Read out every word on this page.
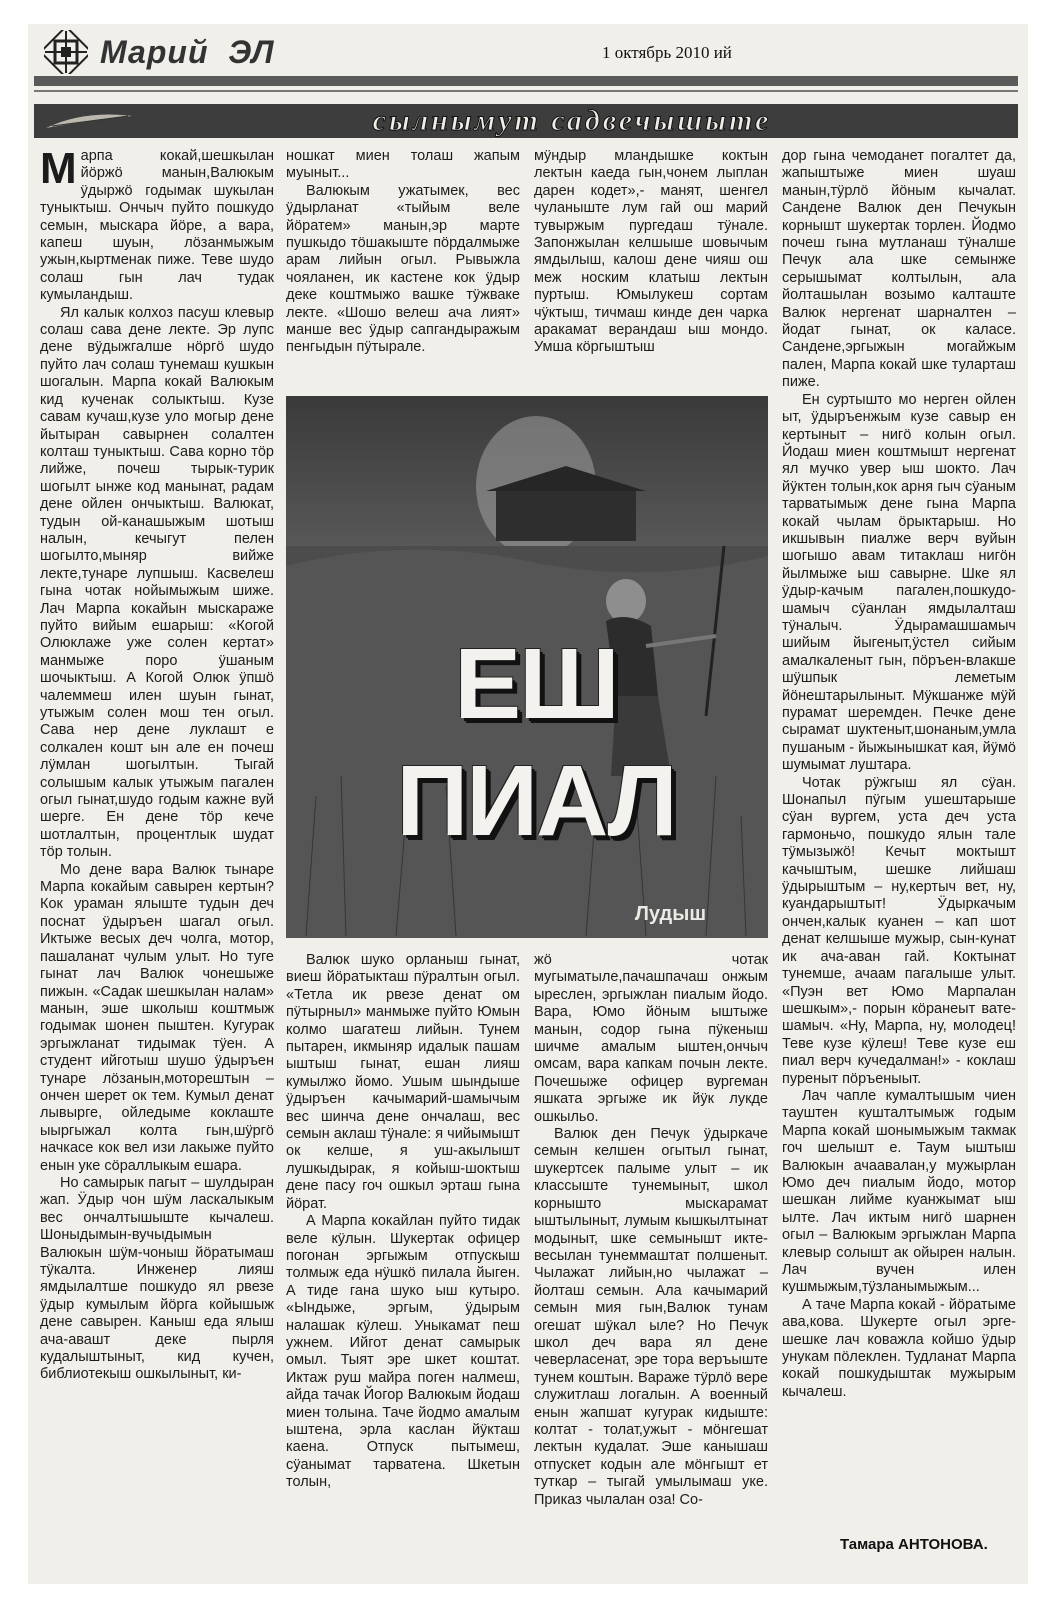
Марий  ЭЛ	1 октябрь 2010 ий
сылнымут садвечышыте

Марпа кокай,шешкылан йӧржӧ манын,Валюкым ӱдыржӧ годымак шукылан туныктыш. Ончыч пуйто пошкудо семын, мыскара йӧре, а вара, капеш шуын, лӧзанмыжым ужын,кыртменак пиже. Теве шудо солаш гын лач тудак кумыландыш.

Ял калык колхоз пасуш клевыр солаш сава дене лекте. Эр лупс дене вӱдыжгалше нӧргӧ шудо пуйто лач солаш тунемаш кушкын шогалын. Марпа кокай Валюкым кид кученак солыктыш. Кузе савам кучаш,кузе уло могыр дене йытыран савырнен солалтен колташ туныктыш. Сава корно тӧр лийже, почеш тырык-турик шогылт ынже код манынат, радам дене ойлен ончыктыш. Валюкат, тудын ой-канашыжым шотыш налын, кечыгут пелен шогылто,мыняр вийже лекте,тунаре лупшыш. Касвелеш гына чотак нойымыжым шиже. Лач Марпа кокайын мыскараже пуйто вийым ешарыш: «Когой Олюклаже уже солен кертат» манмыже поро ӱшаным шочыктыш. А Когой Олюк ӱпшӧ чалеммеш илен шуын гынат, утыжым солен мош тен огыл. Сава нер дене луклашт е солкален кошт ын але ен почеш лӱмлан шогылтын. Тыгай солышым калык утыжым пагален огыл гынат,шудо годым кажне вуй шерге. Ен дене тӧр кече шотлалтын, процентлык шудат тӧр толын.

Мо дене вара Валюк тынаре Марпа кокайым савырен кертын? Кок ураман ялыште тудын деч поснат ӱдыръен шагал огыл. Иктыже весых деч чолга, мотор, пашаланат чулым улыт. Но туге гынат лач Валюк чонешыже пижын. «Садак шешкылан налам» манын, эше школыш коштмыж годымак шонен пыштен. Кугурак эргыжланат тидымак тӱен. А студент ийготыш шушо ӱдыръен тунаре лӧзанын,моторештын – ончен шерет ок тем. Кумыл денат лывырге, ойледыме коклаште ыыргыжал колта гын,шӱргӧ начкасе кок вел изи лакыже пуйто енын уке сӧраллыкым ешара.

Но самырык пагыт – шулдыран жап. Ӱдыр чон шӱм ласкалыкым вес ончалтышыште кычалеш. Шоныдымын-вучыдымын Валюкын шӱм-чоныш йӧратымаш тӱкалта. Инженер лияш ямдылалтше пошкудо ял рвезе ӱдыр кумылым йӧрга койышыж дене савырен. Каныш еда ялыш ача-авашт деке пырля кудалыштыныт, кид кучен, библиотекыш ошкылыныт, ки-

ношкат миен толаш жапым муыныт...

Валюкым ужатымек, вес ӱдырланат «тыйым веле йӧратем» манын,эр марте пушкыдо тӧшакыште пӧрдалмыже арам лийын огыл. Рывыжла чояланен, ик кастене кок ӱдыр деке коштмыжо вашке тӱжваке лекте. «Шошо велеш ача лият» манше вес ӱдыр сапгандыражым пенгыдын пӱтырале.

мӱндыр мландышке коктын лектын каеда гын,чонем лыплан дарен кодет»,- манят, шенгел чуланыште лум гай ош марий тувыржым пургедаш тӱнале. Запонжылан келшыше шовычым ямдылыш, калош дене чияш ош меж носким клатыш лектын пуртыш. Юмылукеш сортам чӱктыш, тичмаш кинде ден чарка аракамат верандаш ыш мондо. Умша кӧргыштыш

ЕШ
ПИАЛ
Лудыш

Валюк шуко орланыш гынат, виеш йӧратыкташ пӱралтын огыл. «Тетла ик рвезе денат ом пӱтырныл» манмыже пуйто Юмын колмо шагатеш лийын. Тунем пытарен, икмыняр идалык пашам ыштыш гынат, ешан лияш кумылжо йомо. Ушым шындыше ӱдыръен качымарий-шамычым вес шинча дене ончалаш, вес семын аклаш тӱнале: я чийымышт ок келше, я уш-акылышт лушкыдырак, я койыш-шоктыш дене пасу гоч ошкыл эрташ гына йӧрат.

А Марпа кокайлан пуйто тидак веле кӱлын. Шукертак офицер погонан эргыжым отпускыш толмыж еда нӱшкӧ пилала йыген. А тиде гана шуко ыш кутыро. «Ындыже, эргым, ӱдырым налашак кӱлеш. Уныкамат пеш ужнем. Ийгот денат самырык омыл. Тыят эре шкет коштат. Иктаж руш майра поген налмеш, айда тачак Йогор Валюкым йодаш миен толына. Таче йодмо амалым ыштена, эрла каслан йӱкташ каена. Отпуск пытымеш, сӱанымат тарватена. Шкетын толын,

жӧ чотак мугыматыле,пачашпачаш онжым ыреслен, эргыжлан пиалым йодо. Вара, Юмо йӧным ыштыже манын, содор гына пӱкеныш шичме амалым ыштен,ончыч омсам, вара капкам почын лекте. Почешыже офицер вургеман яшката эргыже ик йӱк лукде ошкыльо.

Валюк ден Печук ӱдыркаче семын келшен огытыл гынат, шукертсек палыме улыт – ик классыште тунемыныт, школ корнышто мыскарамат ыштылыныт, лумым кышкылтынат модыныт, шке семынышт икте-весылан тунеммаштат полшеныт. Чылажат лийын,но чылажат – йолташ семын. Ала качымарий семын мия гын,Валюк тунам огешат шӱкал ыле? Но Печук школ деч вара ял дене чеверласенат, эре тора веръыште тунем коштын. Вараже тӱрлӧ вере служитлаш логалын. А военный енын жапшат кугурак кидыште: колтат - толат,ужыт - мӧнгешат лектын кудалат. Эше канышаш отпускет кодын але мӧнгышт ет туткар – тыгай умылымаш уке. Приказ чылалан оза! Со-

дор гына чемоданет погалтет да, жапыштыже миен шуаш манын,тӱрлӧ йӧным кычалат. Сандене Валюк ден Печукын корнышт шукертак торлен. Йодмо почеш гына мутланаш тӱналше Печук ала шке семынже серышымат колтылын, ала йолташылан возымо калташте Валюк нергенат шарналтен – йодат гынат, ок каласе. Сандене,эргыжын могайжым пален, Марпа кокай шке туларташ пиже.

Ен суртышто мо нерген ойлен ыт, ӱдыръенжым кузе савыр ен кертыныт – нигӧ колын огыл. Йодаш миен коштмышт нергенат ял мучко увер ыш шокто. Лач йӱктен толын,кок арня гыч сӱаным тарватымыж дене гына Марпа кокай чылам ӧрыктарыш. Но икшывын пиалже верч вуйын шогышо авам титаклаш нигӧн йылмыже ыш савырне. Шке ял ӱдыр-качым пагален,пошкудо-шамыч сӱанлан ямдылалташ тӱналыч. Ӱдырамашшамыч шийым йыгеныт,ӱстел сийым амалкаленыт гын, пӧръен-влакше шӱшпык леметым йӧнештарылыныт. Мӱкшанже мӱй пурамат шеремден. Печке дене сырамат шуктеныт,шонаным,умла пушаным - йыжынышкат кая, йӱмӧ шумымат луштара.

Чотак рӱжгыш ял сӱан. Шонапыл пӱгым ушештарыше сӱан вургем, уста деч уста гармоньчо, пошкудо ялын тале тӱмызыжӧ! Кечыт моктышт качыштым, шешке лийшаш ӱдырыштым – ну,кертыч вет, ну, куандарыштыт! Ӱдыркачым ончен,калык куанен – кап шот денат келшыше мужыр, сын-кунат ик ача-аван гай. Коктынат тунемше, ачаам пагалыше улыт. «Пуэн вет Юмо Марпалан шешкым»,- порын кӧранеыт вате-шамыч. «Ну, Марпа, ну, молодец! Теве кузе кӱлеш! Теве кузе еш пиал верч кучедалман!» - коклаш пуреныт пӧръеныыт.

Лач чапле кумалтышым чиен тауштен кушталтымыж годым Марпа кокай шонымыжым такмак гоч шелышт е. Таум ыштыш Валюкын ачаавалан,у мужырлан Юмо деч пиалым йодо, мотор шешкан лийме куанжымат ыш ылте. Лач иктым нигӧ шарнен огыл – Валюкым эргыжлан Марпа клевыр солышт ак ойырен налын. Лач вучен илен кушмыжым,тӱзланымыжым...

А таче Марпа кокай - йӧратыме ава,кова. Шукерте огыл эрге-шешке лач коважла койшо ӱдыр унукам пӧлеклен. Тудланат Марпа кокай пошкудыштак мужырым кычалеш.

Тамара АНТОНОВА.
